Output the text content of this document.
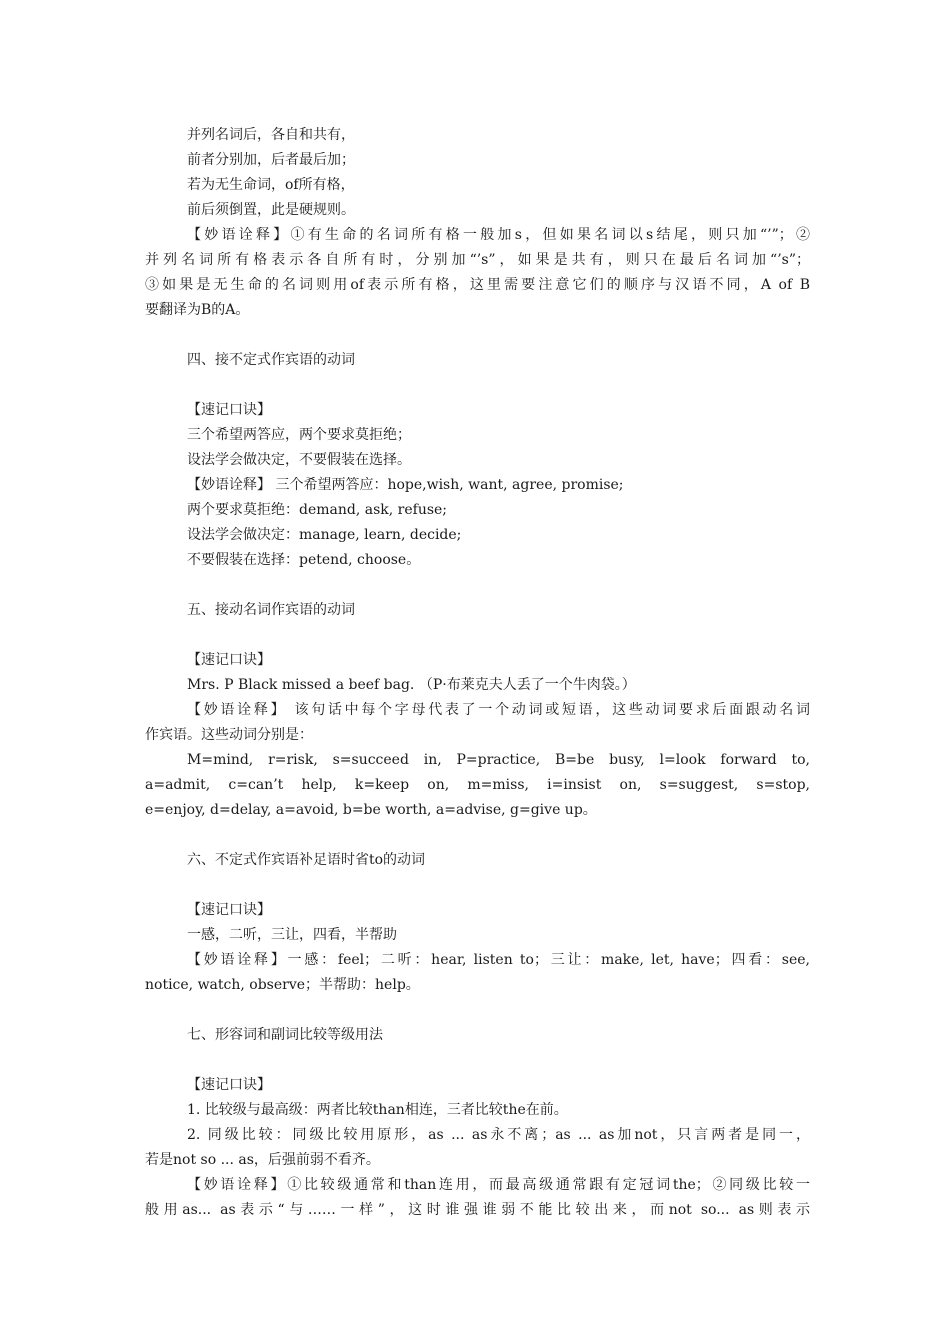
并列名词后，各自和共有，

前者分别加，后者最后加；

若为无生命词，of所有格，

前后须倒置，此是硬规则。

【妙语诠释】①有生命的名词所有格一般加s，但如果名词以s结尾，则只加“’”；②

并列名词所有格表示各自所有时，分别加“’s”，如果是共有，则只在最后名词加“’s”；

③如果是无生命的名词则用of表示所有格，这里需要注意它们的顺序与汉语不同，A of B

要翻译为B的A。

四、接不定式作宾语的动词

【速记口诀】

三个希望两答应，两个要求莫拒绝；

设法学会做决定，不要假装在选择。

【妙语诠释】 三个希望两答应：hope,wish, want, agree, promise;

两个要求莫拒绝：demand, ask, refuse;

设法学会做决定：manage, learn, decide;

不要假装在选择：petend, choose。

五、接动名词作宾语的动词

【速记口诀】

Mrs. P Black missed a beef bag. （P·布莱克夫人丢了一个牛肉袋。）

【妙语诠释】 该句话中每个字母代表了一个动词或短语，这些动词要求后面跟动名词

作宾语。这些动词分别是：

M=mind, r=risk, s=succeed in, P=practice, B=be busy, l=look forward to,

a=admit, c=can’t help, k=keep on, m=miss, i=insist on, s=suggest, s=stop,

e=enjoy, d=delay, a=avoid, b=be worth, a=advise, g=give up。

六、不定式作宾语补足语时省to的动词

【速记口诀】

一感，二听，三让，四看，半帮助

【妙语诠释】一感：feel；二听：hear, listen to；三让：make, let, have；四看：see,

notice, watch, observe；半帮助：help。

七、形容词和副词比较等级用法

【速记口诀】

1. 比较级与最高级：两者比较than相连，三者比较the在前。

2. 同级比较：同级比较用原形，as ... as永不离；as ... as加not，只言两者是同一，

若是not so ... as，后强前弱不看齐。

【妙语诠释】①比较级通常和than连用，而最高级通常跟有定冠词the；②同级比较一

般用as... as表示“与……一样”，这时谁强谁弱不能比较出来，而not so... as则表示
